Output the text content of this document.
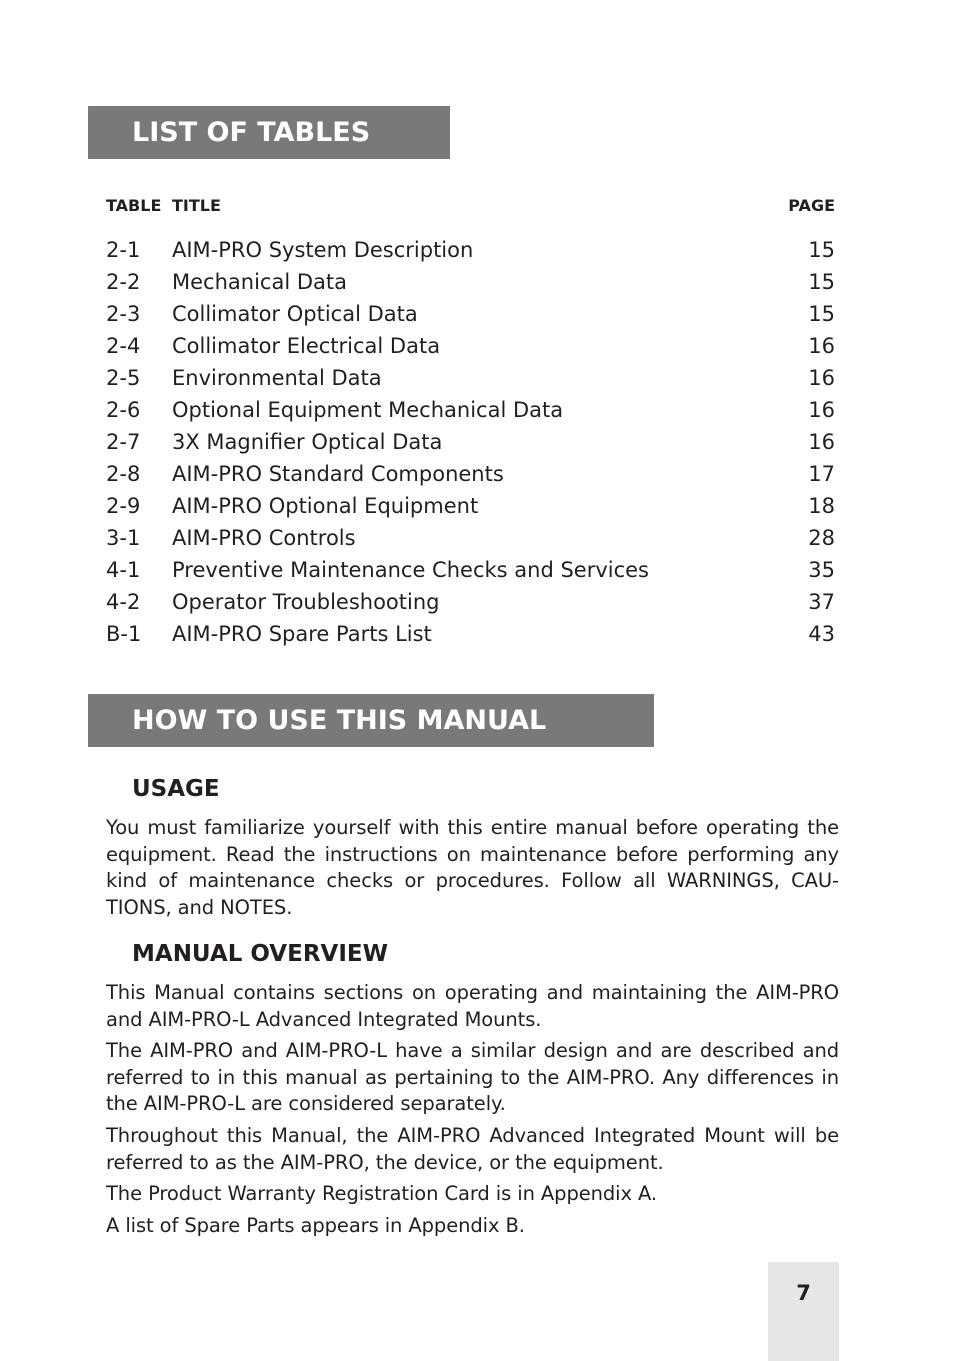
LIST OF TABLES
TABLE TITLE	PAGE
2-1 AIM-PRO System Description	15
2-2 Mechanical Data	15
2-3 Collimator Optical Data	15
2-4 Collimator Electrical Data	16
2-5 Environmental Data	16
2-6 Optional Equipment Mechanical Data	16
2-7 3X Magnifier Optical Data	16
2-8 AIM-PRO Standard Components	17
2-9 AIM-PRO Optional Equipment	18
3-1 AIM-PRO Controls	28
4-1 Preventive Maintenance Checks and Services	35
4-2 Operator Troubleshooting	37
B-1 AIM-PRO Spare Parts List	43
HOW TO USE THIS MANUAL
USAGE

You must familiarize yourself with this entire manual before operating the equipment. Read the instructions on maintenance before performing any kind of maintenance checks or procedures. Follow all WARNINGS, CAU-TIONS, and NOTES.

MANUAL OVERVIEW

This Manual contains sections on operating and maintaining the AIM-PRO and AIM-PRO-L Advanced Integrated Mounts.

The AIM-PRO and AIM-PRO-L have a similar design and are described and referred to in this manual as pertaining to the AIM-PRO. Any differences in the AIM-PRO-L are considered separately.

Throughout this Manual, the AIM-PRO Advanced Integrated Mount will be referred to as the AIM-PRO, the device, or the equipment.

The Product Warranty Registration Card is in Appendix A.

A list of Spare Parts appears in Appendix B.

7
